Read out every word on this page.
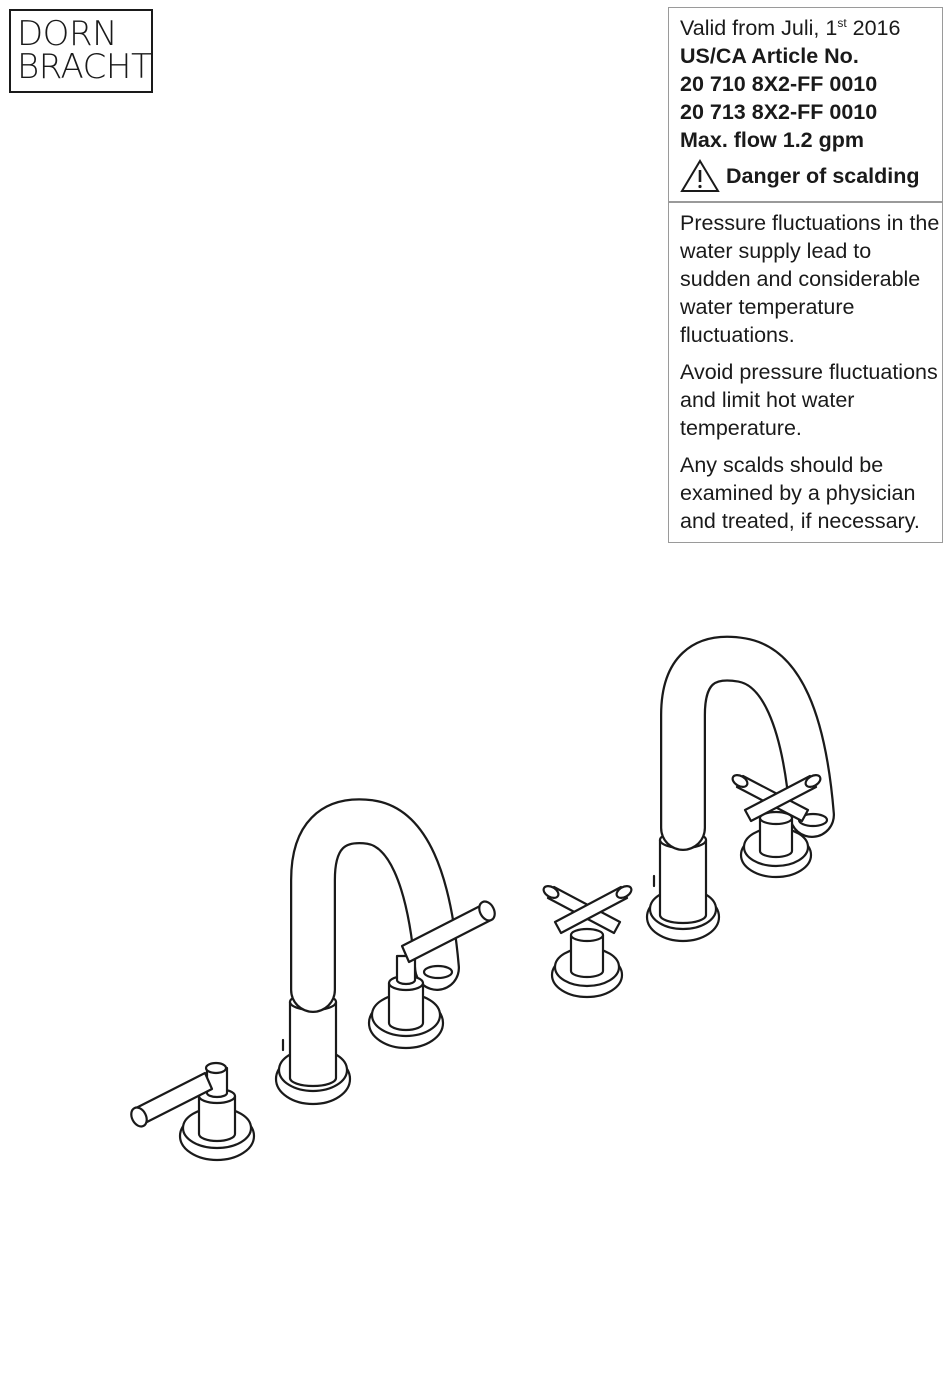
DORN
BRACHT

Valid from Juli, 1st 2016

US/CA Article No.

20 710 8X2-FF 0010

20 713 8X2-FF 0010

Max. flow 1.2 gpm

Danger of scalding

Pressure fluctuations in the water supply lead to sudden and considerable water temperature fluctuations.

Avoid pressure fluctuations and limit hot water temperature.

Any scalds should be examined by a physician and treated, if necessary.
